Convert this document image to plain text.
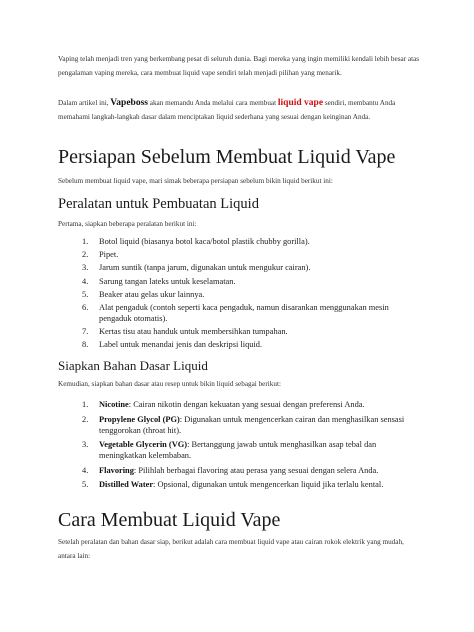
Vaping telah menjadi tren yang berkembang pesat di seluruh dunia. Bagi mereka yang ingin memiliki kendali lebih besar atas pengalaman vaping mereka, cara membuat liquid vape sendiri telah menjadi pilihan yang menarik.

Dalam artikel ini, Vapeboss akan memandu Anda melalui cara membuat liquid vape sendiri, membantu Anda memahami langkah-langkah dasar dalam menciptakan liquid sederhana yang sesuai dengan keinginan Anda.

Persiapan Sebelum Membuat Liquid Vape

Sebelum membuat liquid vape, mari simak beberapa persiapan sebelum bikin liquid berikut ini:

Peralatan untuk Pembuatan Liquid

Pertama, siapkan beberapa peralatan berikut ini:

1. Botol liquid (biasanya botol kaca/botol plastik chubby gorilla).
2. Pipet.
3. Jarum suntik (tanpa jarum, digunakan untuk mengukur cairan).
4. Sarung tangan lateks untuk keselamatan.
5. Beaker atau gelas ukur lainnya.
6. Alat pengaduk (contoh seperti kaca pengaduk, namun disarankan menggunakan mesin pengaduk otomatis).
7. Kertas tisu atau handuk untuk membersihkan tumpahan.
8. Label untuk menandai jenis dan deskripsi liquid.
Siapkan Bahan Dasar Liquid

Kemudian, siapkan bahan dasar atau resep untuk bikin liquid sebagai berikut:

1. Nicotine: Cairan nikotin dengan kekuatan yang sesuai dengan preferensi Anda.
2. Propylene Glycol (PG): Digunakan untuk mengencerkan cairan dan menghasilkan sensasi tenggorokan (throat hit).
3. Vegetable Glycerin (VG): Bertanggung jawab untuk menghasilkan asap tebal dan meningkatkan kelembaban.
4. Flavoring: Pilihlah berbagai flavoring atau perasa yang sesuai dengan selera Anda.
5. Distilled Water: Opsional, digunakan untuk mengencerkan liquid jika terlalu kental.
Cara Membuat Liquid Vape

Setelah peralatan dan bahan dasar siap, berikut adalah cara membuat liquid vape atau cairan rokok elektrik yang mudah, antara lain:
